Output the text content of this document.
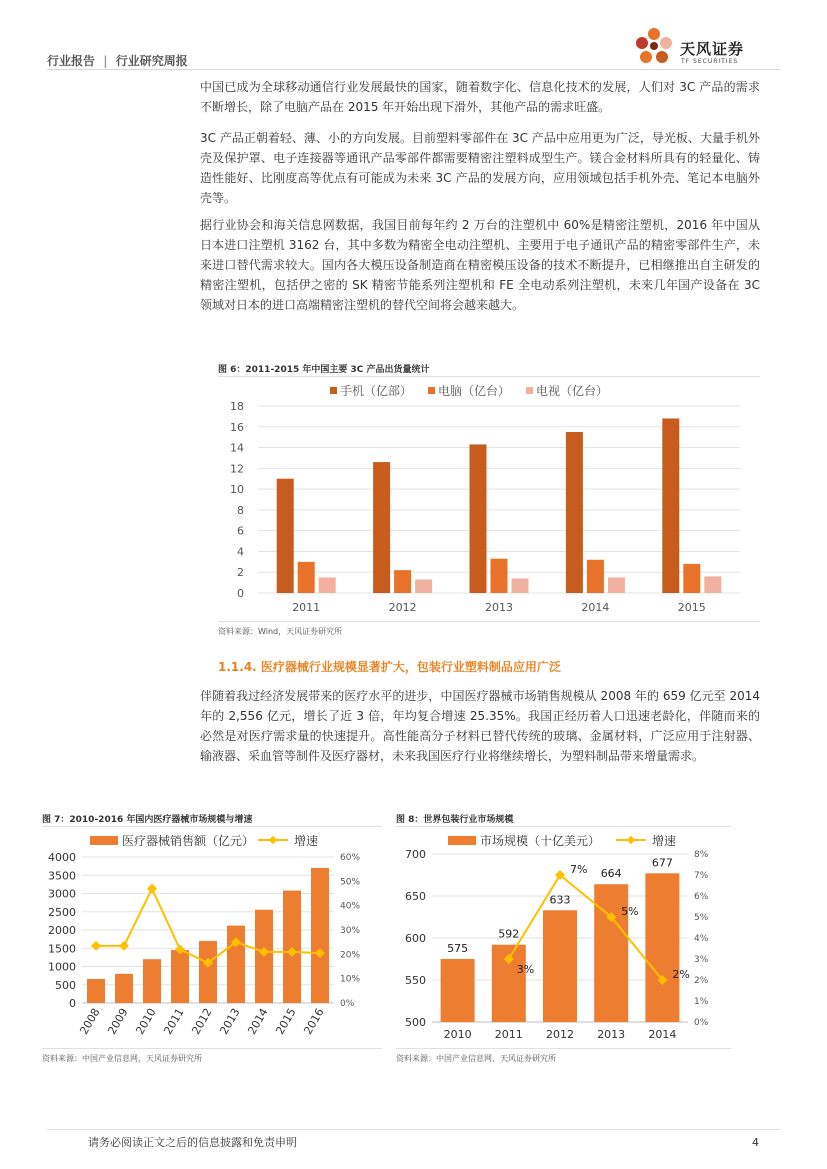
行业报告 | 行业研究周报
天风证券
TF SECURITIES
中国已成为全球移动通信行业发展最快的国家，随着数字化、信息化技术的发展，人们对 3C 产品的需求不断增长，除了电脑产品在 2015 年开始出现下滑外，其他产品的需求旺盛。
3C 产品正朝着轻、薄、小的方向发展。目前塑料零部件在 3C 产品中应用更为广泛，导光板、大量手机外壳及保护罩、电子连接器等通讯产品零部件都需要精密注塑料成型生产。镁合金材料所具有的轻量化、铸造性能好、比刚度高等优点有可能成为未来 3C 产品的发展方向，应用领域包括手机外壳、笔记本电脑外壳等。
据行业协会和海关信息网数据，我国目前每年约 2 万台的注塑机中 60%是精密注塑机，2016 年中国从日本进口注塑机 3162 台，其中多数为精密全电动注塑机、主要用于电子通讯产品的精密零部件生产，未来进口替代需求较大。国内各大模压设备制造商在精密模压设备的技术不断提升，已相继推出自主研发的精密注塑机，包括伊之密的 SK 精密节能系列注塑机和 FE 全电动系列注塑机，未来几年国产设备在 3C 领域对日本的进口高端精密注塑机的替代空间将会越来越大。
图 6：2011-2015 年中国主要 3C 产品出货量统计
0
2
4
6
8
10
12
14
16
18
2011	2012	2013	2014	2015
手机（亿部） 电脑（亿台） 电视（亿台）
资料来源：Wind，天风证券研究所
1.1.4. 医疗器械行业规模显著扩大，包装行业塑料制品应用广泛
伴随着我过经济发展带来的医疗水平的进步，中国医疗器械市场销售规模从 2008 年的 659 亿元至 2014 年的 2,556 亿元，增长了近 3 倍，年均复合增速 25.35%。我国正经历着人口迅速老龄化，伴随而来的必然是对医疗需求量的快速提升。高性能高分子材料已替代传统的玻璃、金属材料，广泛应用于注射器、输液器、采血管等制件及医疗器材，未来我国医疗行业将继续增长，为塑料制品带来增量需求。
图 7：2010-2016 年国内医疗器械市场规模与增速
0
500
1000
1500
2000
2500
3000
3500
4000
0%
10%
20%
30%
40%
50%
60%
2008 2009 2010 2011 2012 2013 2014 2015 2016
医疗器械销售额（亿元）	增速
资料来源：中国产业信息网，天风证券研究所
图 8：世界包装行业市场规模
500
550
600
650
700
0%
1%
2%
3%
4%
5%
6%
7%
8%
575
2010
592
2011
633
2012
664
2013
677
2014
3%
7%
5%
2%
市场规模（十亿美元）	增速
资料来源：中国产业信息网，天风证券研究所
请务必阅读正文之后的信息披露和免责申明	4
